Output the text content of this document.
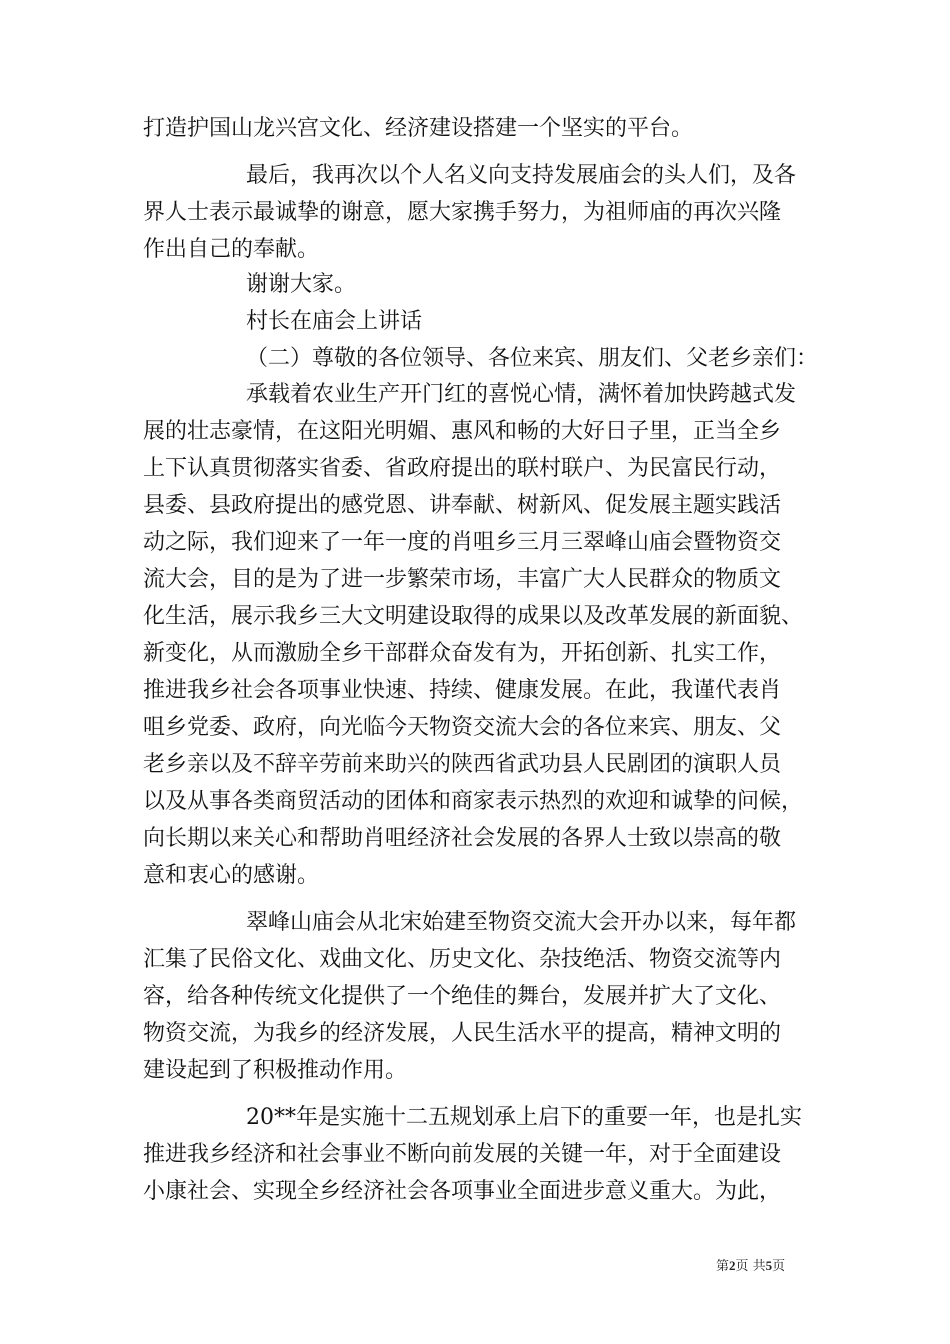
打造护国山龙兴宫文化、经济建设搭建一个坚实的平台。
最后，我再次以个人名义向支持发展庙会的头人们，及各
界人士表示最诚挚的谢意，愿大家携手努力，为祖师庙的再次兴隆
作出自己的奉献。
谢谢大家。
村长在庙会上讲话
（二）尊敬的各位领导、各位来宾、朋友们、父老乡亲们：
承载着农业生产开门红的喜悦心情，满怀着加快跨越式发
展的壮志豪情，在这阳光明媚、惠风和畅的大好日子里，正当全乡
上下认真贯彻落实省委、省政府提出的联村联户、为民富民行动，
县委、县政府提出的感党恩、讲奉献、树新风、促发展主题实践活
动之际，我们迎来了一年一度的肖咀乡三月三翠峰山庙会暨物资交
流大会，目的是为了进一步繁荣市场，丰富广大人民群众的物质文
化生活，展示我乡三大文明建设取得的成果以及改革发展的新面貌、
新变化，从而激励全乡干部群众奋发有为，开拓创新、扎实工作，
推进我乡社会各项事业快速、持续、健康发展。在此，我谨代表肖
咀乡党委、政府，向光临今天物资交流大会的各位来宾、朋友、父
老乡亲以及不辞辛劳前来助兴的陕西省武功县人民剧团的演职人员
以及从事各类商贸活动的团体和商家表示热烈的欢迎和诚挚的问候，
向长期以来关心和帮助肖咀经济社会发展的各界人士致以崇高的敬
意和衷心的感谢。
翠峰山庙会从北宋始建至物资交流大会开办以来，每年都
汇集了民俗文化、戏曲文化、历史文化、杂技绝活、物资交流等内
容，给各种传统文化提供了一个绝佳的舞台，发展并扩大了文化、
物资交流，为我乡的经济发展，人民生活水平的提高，精神文明的
建设起到了积极推动作用。
20**年是实施十二五规划承上启下的重要一年，也是扎实
推进我乡经济和社会事业不断向前发展的关键一年，对于全面建设
小康社会、实现全乡经济社会各项事业全面进步意义重大。为此，
第2页 共5页
